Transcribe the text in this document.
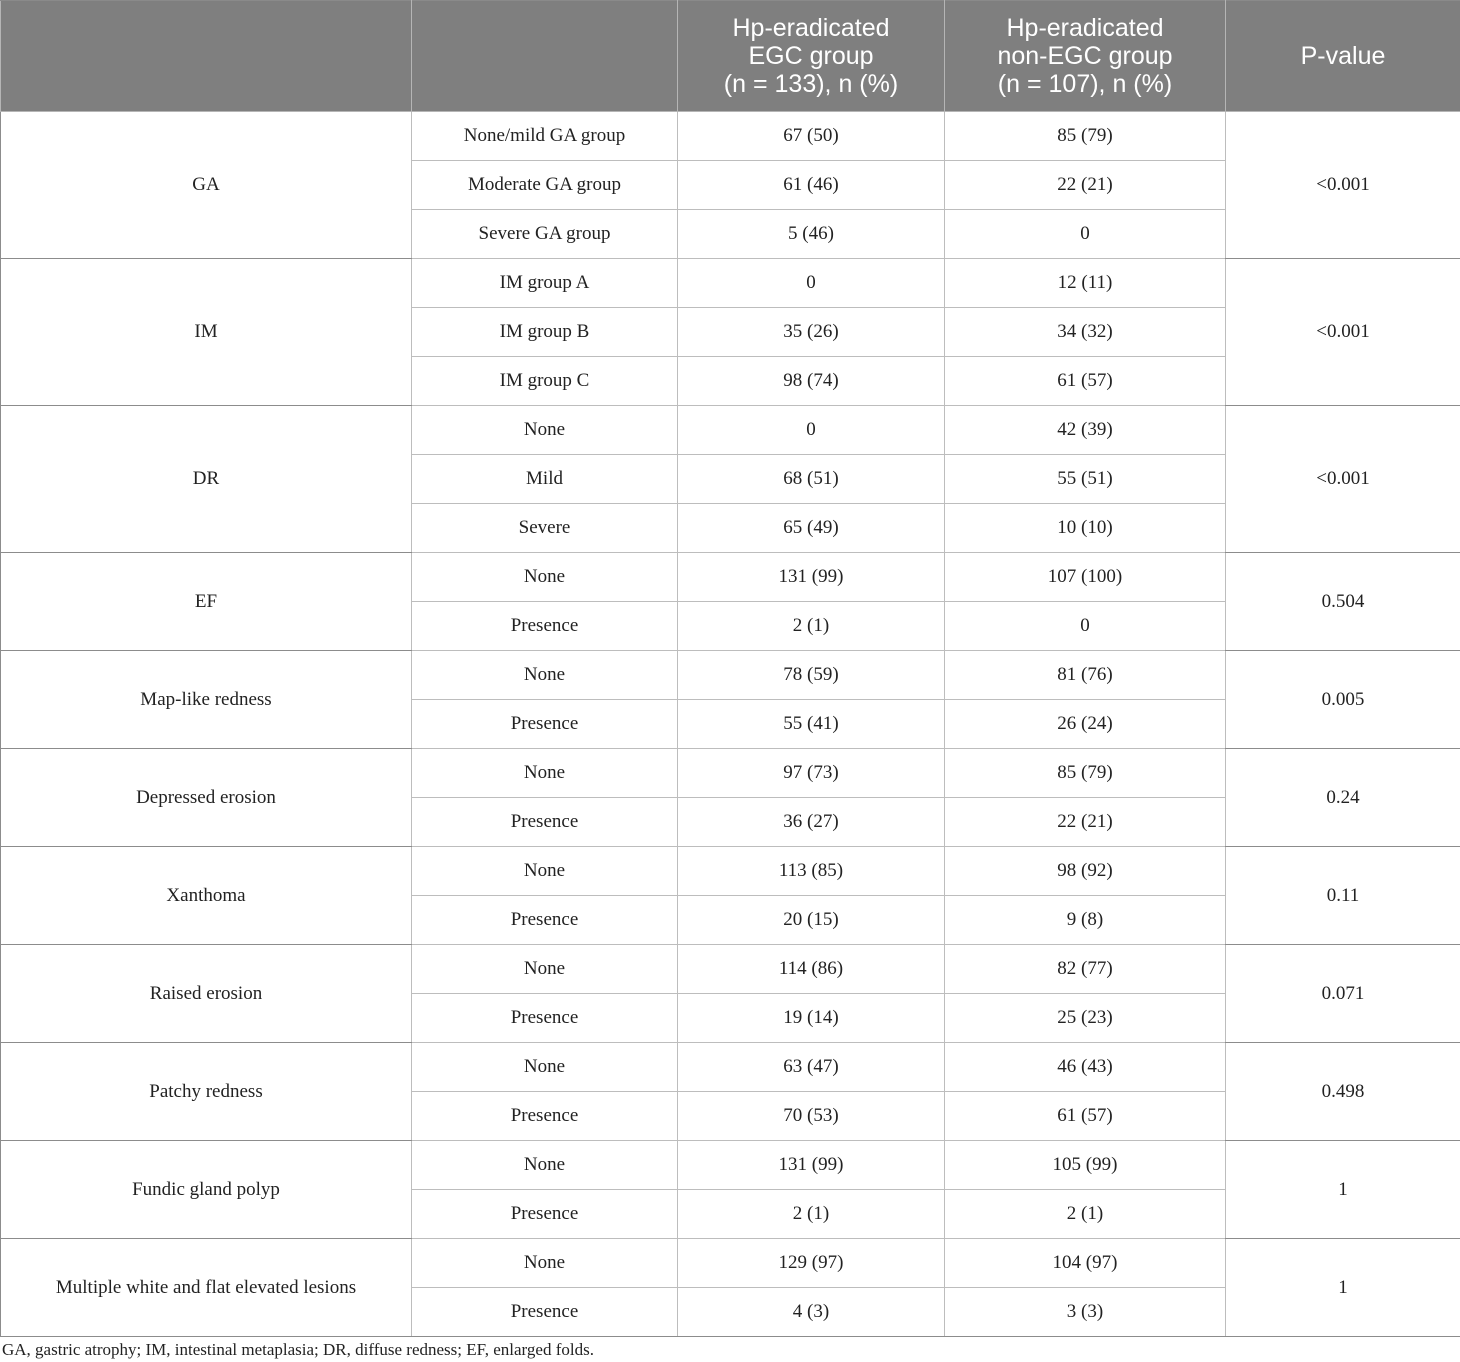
		Hp-eradicated
EGC group
(n = 133), n (%)	Hp-eradicated
non-EGC group
(n = 107), n (%)	P-value

GA	None/mild GA group	67 (50)	85 (79)	<0.001
	Moderate GA group	61 (46)	22 (21)	
	Severe GA group	5 (46)	0	
IM	IM group A	0	12 (11)	<0.001
	IM group B	35 (26)	34 (32)	
	IM group C	98 (74)	61 (57)	
DR	None	0	42 (39)	<0.001
	Mild	68 (51)	55 (51)	
	Severe	65 (49)	10 (10)	
EF	None	131 (99)	107 (100)	0.504
	Presence	2 (1)	0	
Map-like redness	None	78 (59)	81 (76)	0.005
	Presence	55 (41)	26 (24)	
Depressed erosion	None	97 (73)	85 (79)	0.24
	Presence	36 (27)	22 (21)	
Xanthoma	None	113 (85)	98 (92)	0.11
	Presence	20 (15)	9 (8)	
Raised erosion	None	114 (86)	82 (77)	0.071
	Presence	19 (14)	25 (23)	
Patchy redness	None	63 (47)	46 (43)	0.498
	Presence	70 (53)	61 (57)	
Fundic gland polyp	None	131 (99)	105 (99)	1
	Presence	2 (1)	2 (1)	
Multiple white and flat elevated lesions	None	129 (97)	104 (97)	1
	Presence	4 (3)	3 (3)	
GA, gastric atrophy; IM, intestinal metaplasia; DR, diffuse redness; EF, enlarged folds.
